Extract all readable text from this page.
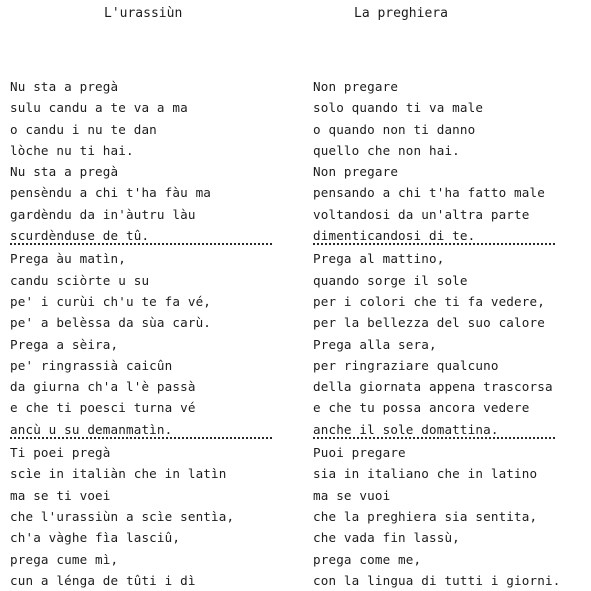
L'urassiùn	La preghiera
Nu sta a pregà
sulu candu a te va a ma
o candu i nu te dan
lòche nu ti hai.
Nu sta a pregà
pensèndu a chi t'ha fàu ma
gardèndu da in'àutru làu
scurdènduse de tû.
Prega àu matìn,
candu sciòrte u su
pe' i curùi ch'u te fa vé,
pe' a belèssa da sùa carù.
Prega a sèira,
pe' ringrassià caicûn
da giurna ch'a l'è passà
e che ti poesci turna vé
ancù u su demanmatìn.
Ti poei pregà
scìe in italiàn che in latìn
ma se ti voei
che l'urassiùn a scìe sentìa,
ch'a vàghe fìa lasciû,
prega cume mì,
cun a lénga de tûti i dì
Non pregare
solo quando ti va male
o quando non ti danno
quello che non hai.
Non pregare
pensando a chi t'ha fatto male
voltandosi da un'altra parte
dimenticandosi di te.
Prega al mattino,
quando sorge il sole
per i colori che ti fa vedere,
per la bellezza del suo calore
Prega alla sera,
per ringraziare qualcuno
della giornata appena trascorsa
e che tu possa ancora vedere
anche il sole domattina.
Puoi pregare
sia in italiano che in latino
ma se vuoi
che la preghiera sia sentita,
che vada fin lassù,
prega come me,
con la lingua di tutti i giorni.
